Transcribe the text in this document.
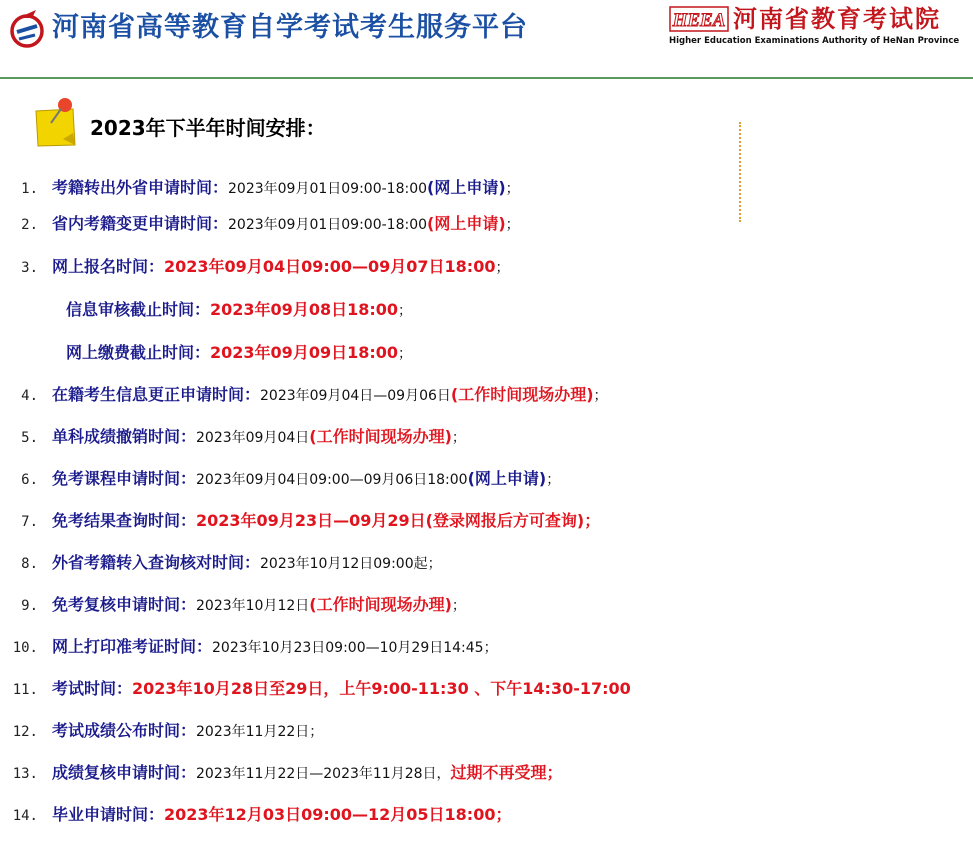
河南省高等教育自学考试考生服务平台	HEEA 河南省教育考试院
Higher Education Examinations Authority of HeNan Province
2023年下半年时间安排：
1. 考籍转出外省申请时间：2023年09月01日09:00-18:00(网上申请)；
2. 省内考籍变更申请时间：2023年09月01日09:00-18:00(网上申请)；
3. 网上报名时间：2023年09月04日09:00—09月07日18:00；
信息审核截止时间：2023年09月08日18:00；
网上缴费截止时间：2023年09月09日18:00；
4. 在籍考生信息更正申请时间：2023年09月04日—09月06日(工作时间现场办理)；
5. 单科成绩撤销时间：2023年09月04日(工作时间现场办理)；
6. 免考课程申请时间：2023年09月04日09:00—09月06日18:00(网上申请)；
7. 免考结果查询时间：2023年09月23日—09月29日(登录网报后方可查询)；
8. 外省考籍转入查询核对时间：2023年10月12日09:00起；
9. 免考复核申请时间：2023年10月12日(工作时间现场办理)；
10. 网上打印准考证时间：2023年10月23日09:00—10月29日14:45；
11. 考试时间：2023年10月28日至29日，上午9:00-11:30 、下午14:30-17:00
12. 考试成绩公布时间：2023年11月22日；
13. 成绩复核申请时间：2023年11月22日—2023年11月28日，过期不再受理；
14. 毕业申请时间：2023年12月03日09:00—12月05日18:00；
